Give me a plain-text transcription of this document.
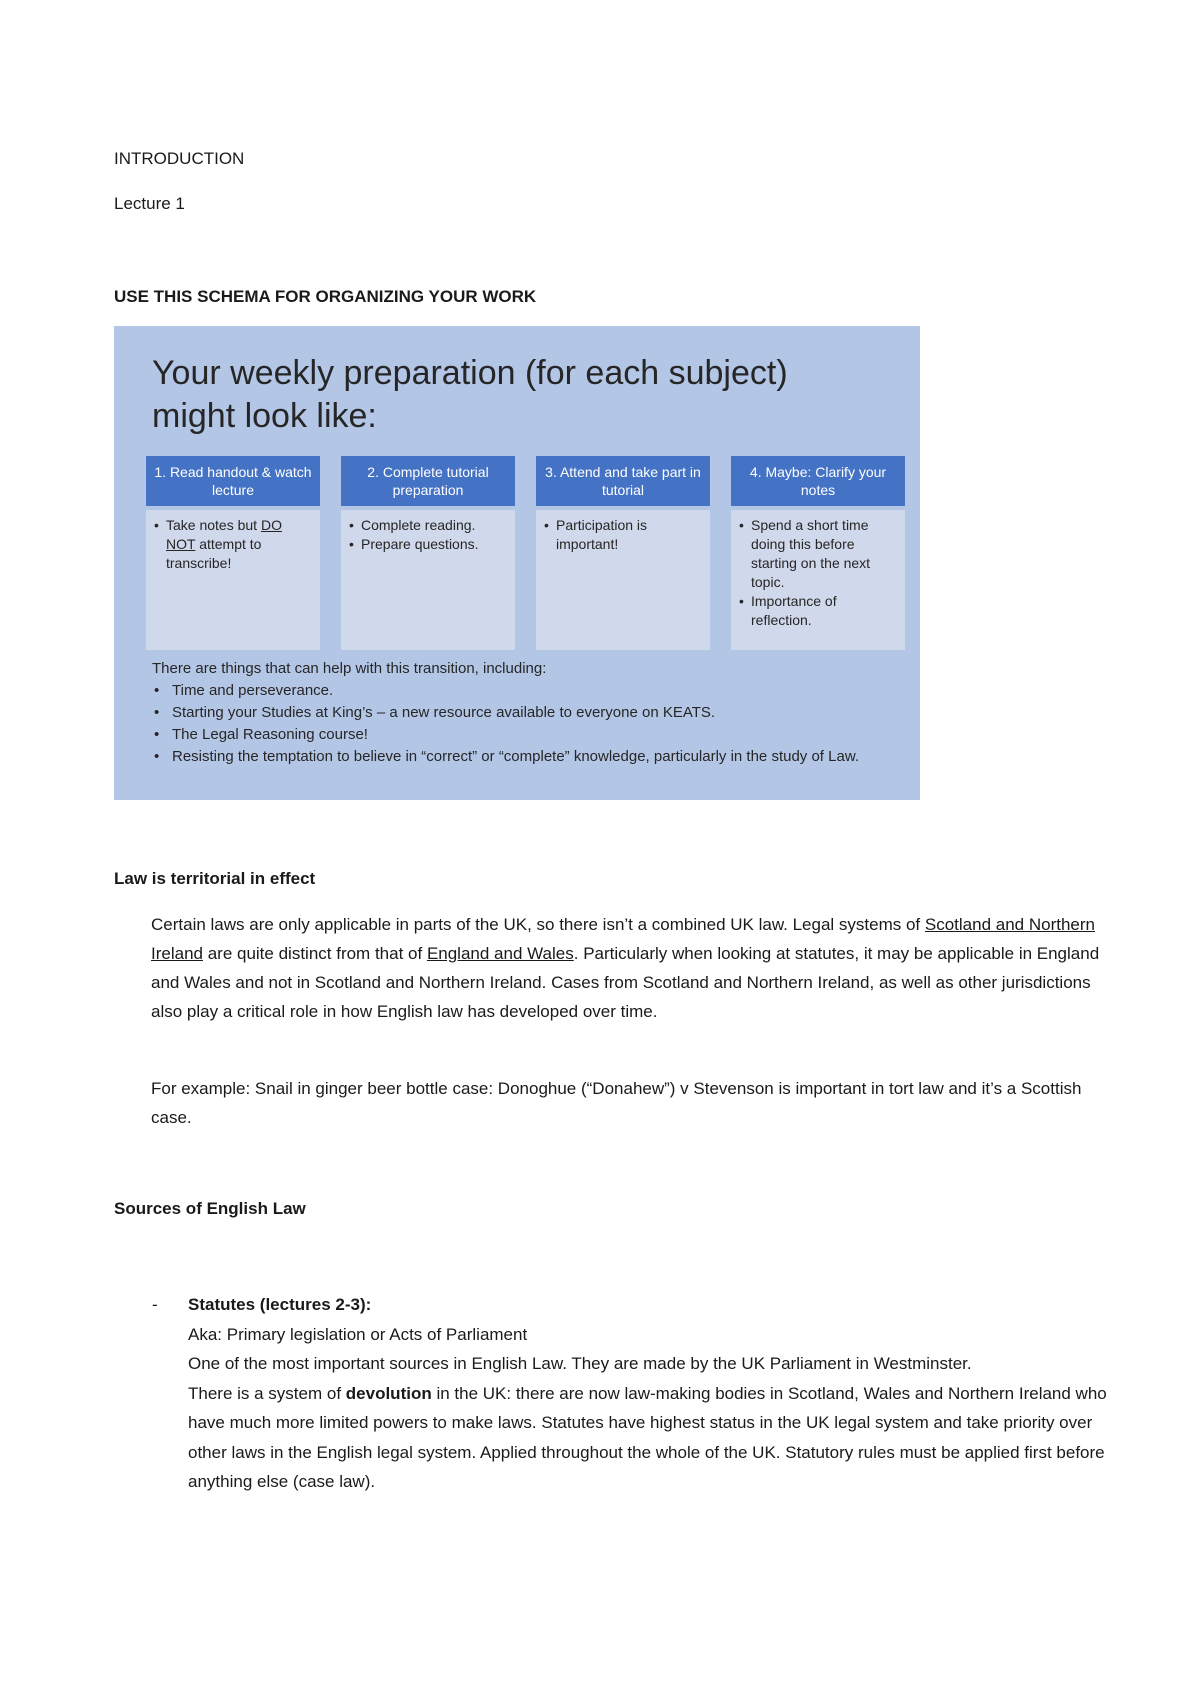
INTRODUCTION
Lecture 1
USE THIS SCHEMA FOR ORGANIZING YOUR WORK
Your weekly preparation (for each subject)
might look like:
1. Read handout & watch lecture
• Take notes but DO NOT attempt to transcribe!
2. Complete tutorial preparation
• Complete reading.
• Prepare questions.
3. Attend and take part in tutorial
• Participation is important!
4. Maybe: Clarify your notes
• Spend a short time doing this before starting on the next topic.
• Importance of reflection.
There are things that can help with this transition, including:
• Time and perseverance.
• Starting your Studies at King’s – a new resource available to everyone on KEATS.
• The Legal Reasoning course!
• Resisting the temptation to believe in “correct” or “complete” knowledge, particularly in the study of Law.
Law is territorial in effect
Certain laws are only applicable in parts of the UK, so there isn’t a combined UK law. Legal systems of Scotland and Northern Ireland are quite distinct from that of England and Wales. Particularly when looking at statutes, it may be applicable in England and Wales and not in Scotland and Northern Ireland. Cases from Scotland and Northern Ireland, as well as other jurisdictions also play a critical role in how English law has developed over time.
For example: Snail in ginger beer bottle case: Donoghue (“Donahew”) v Stevenson is important in tort law and it’s a Scottish case.
Sources of English Law
- Statutes (lectures 2-3):
Aka: Primary legislation or Acts of Parliament
One of the most important sources in English Law. They are made by the UK Parliament in Westminster.
There is a system of devolution in the UK: there are now law-making bodies in Scotland, Wales and Northern Ireland who have much more limited powers to make laws. Statutes have highest status in the UK legal system and take priority over other laws in the English legal system. Applied throughout the whole of the UK. Statutory rules must be applied first before anything else (case law).
